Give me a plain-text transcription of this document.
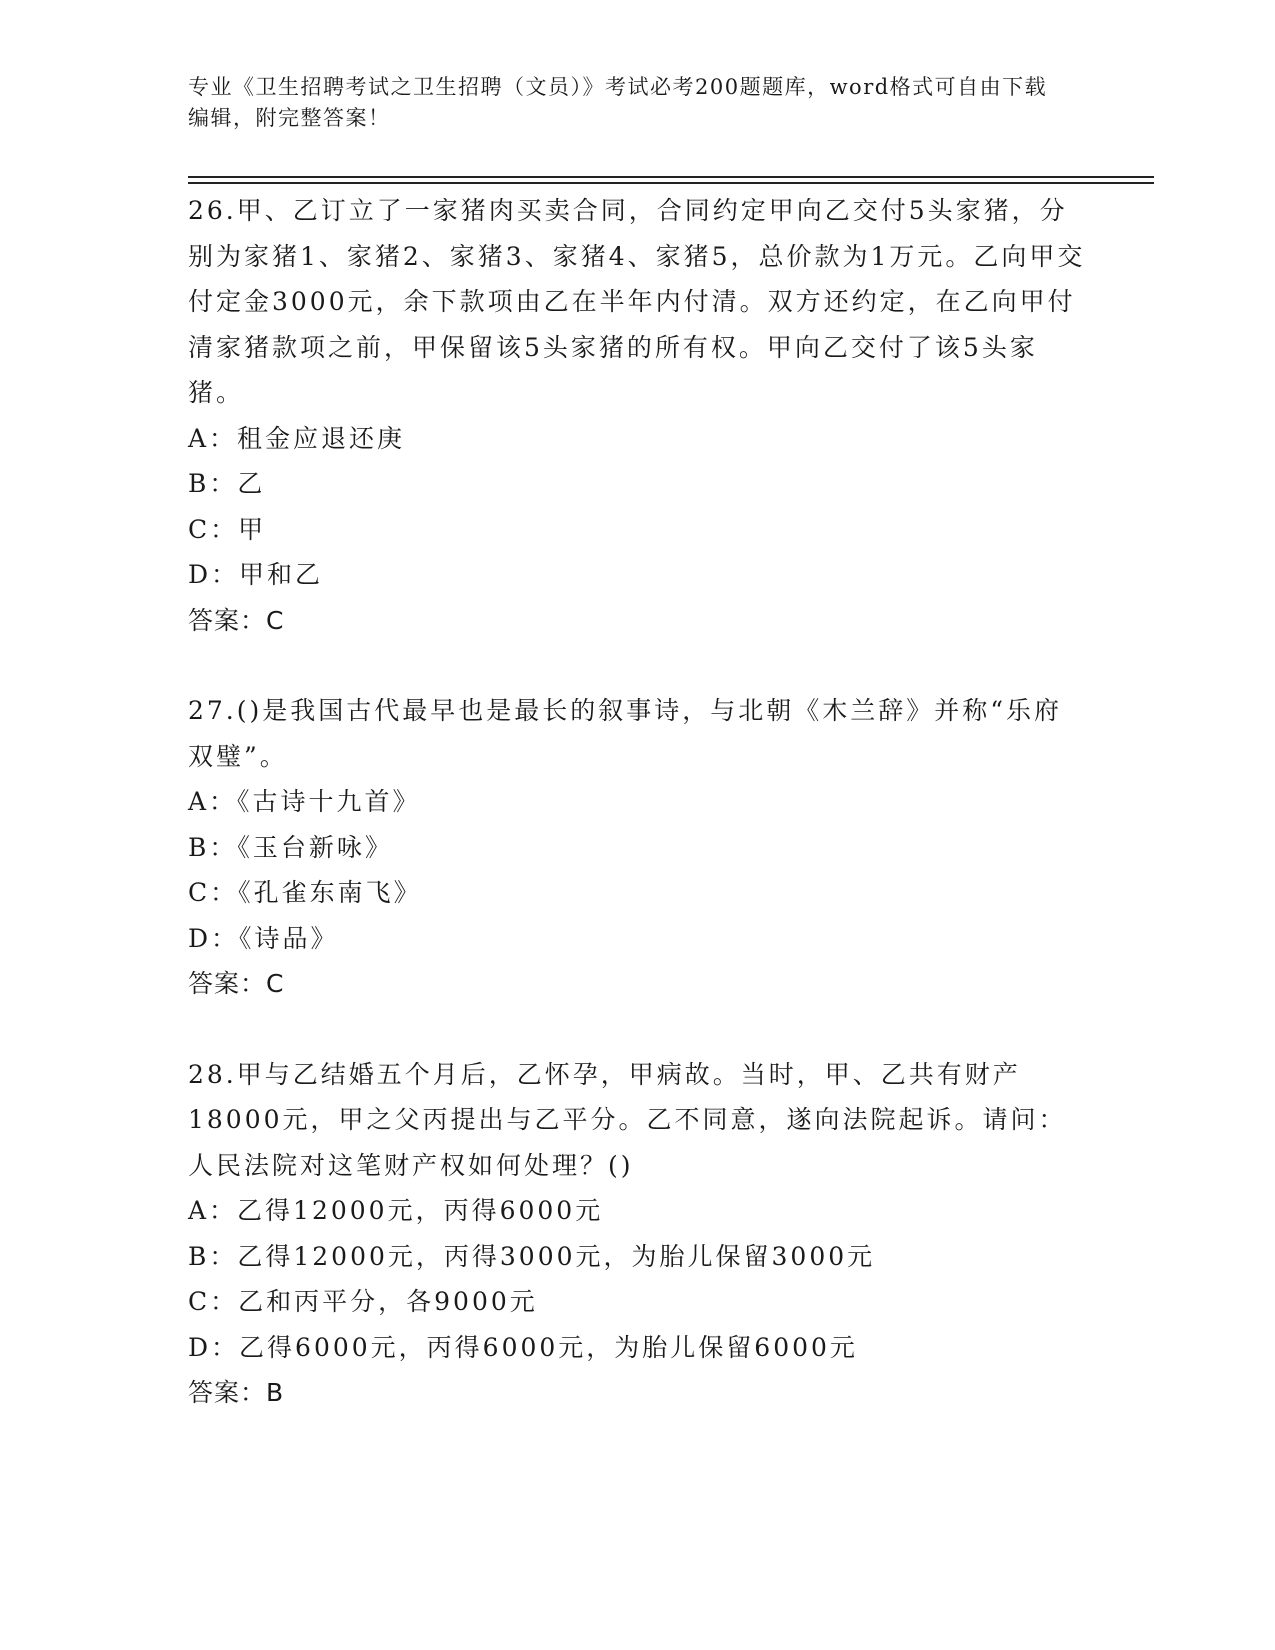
专业《卫生招聘考试之卫生招聘（文员）》考试必考200题题库，word格式可自由下载编辑，附完整答案！

26.甲、乙订立了一家猪肉买卖合同，合同约定甲向乙交付5头家猪，分别为家猪1、家猪2、家猪3、家猪4、家猪5，总价款为1万元。乙向甲交付定金3000元，余下款项由乙在半年内付清。双方还约定，在乙向甲付清家猪款项之前，甲保留该5头家猪的所有权。甲向乙交付了该5头家猪。

A：租金应退还庚

B：乙

C：甲

D：甲和乙

答案：C

27.()是我国古代最早也是最长的叙事诗，与北朝《木兰辞》并称“乐府双璧”。

A：《古诗十九首》

B：《玉台新咏》

C：《孔雀东南飞》

D：《诗品》

答案：C

28.甲与乙结婚五个月后，乙怀孕，甲病故。当时，甲、乙共有财产18000元，甲之父丙提出与乙平分。乙不同意，遂向法院起诉。请问：人民法院对这笔财产权如何处理？()

A：乙得12000元，丙得6000元

B：乙得12000元，丙得3000元，为胎儿保留3000元

C：乙和丙平分，各9000元

D：乙得6000元，丙得6000元，为胎儿保留6000元

答案：B
